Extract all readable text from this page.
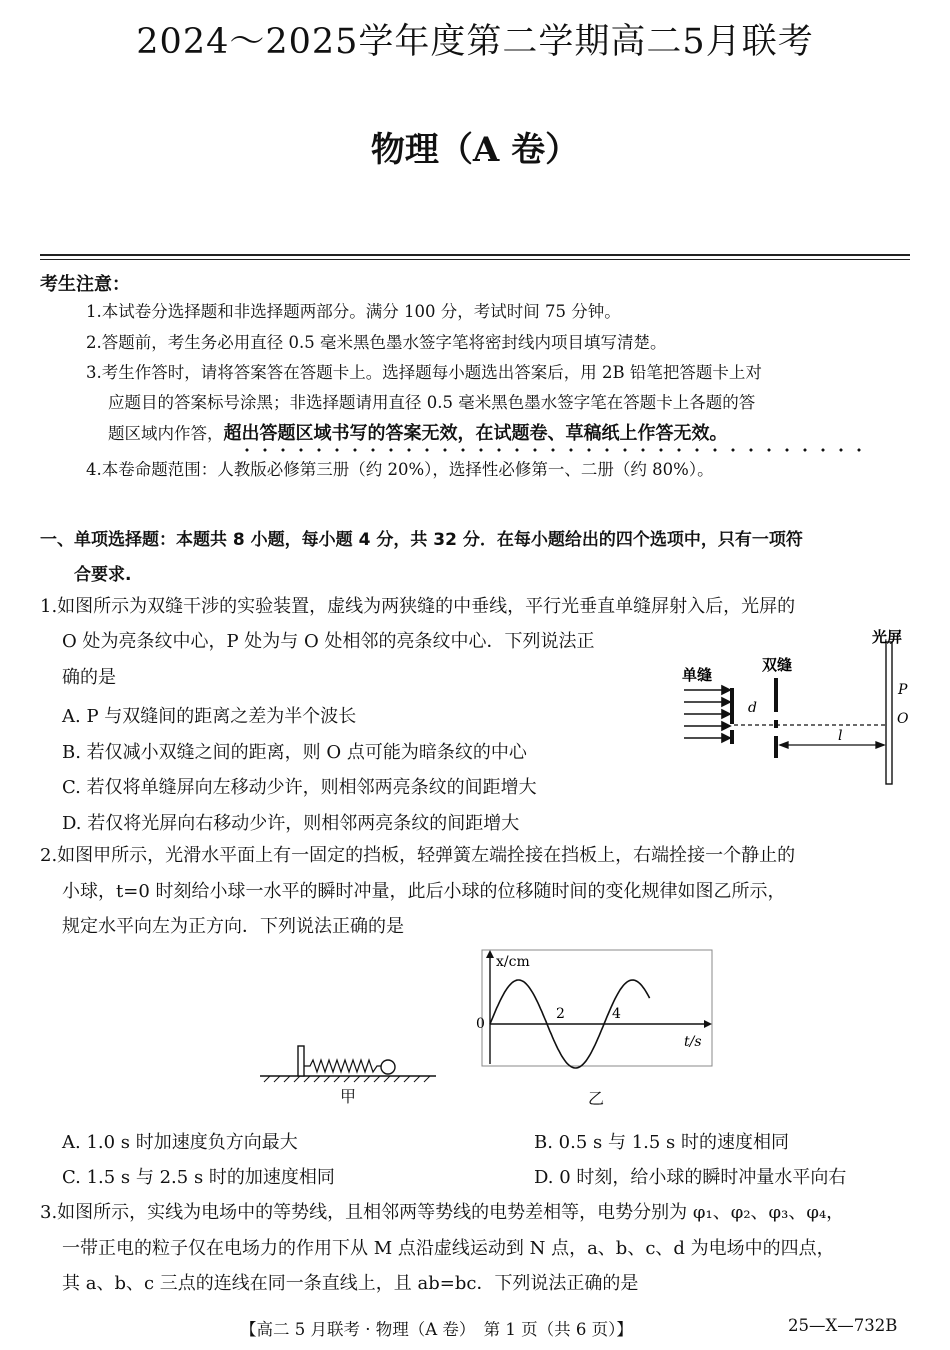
2024～2025学年度第二学期高二5月联考
物理（A 卷）
考生注意：
1.本试卷分选择题和非选择题两部分。满分 100 分，考试时间 75 分钟。
2.答题前，考生务必用直径 0.5 毫米黑色墨水签字笔将密封线内项目填写清楚。
3.考生作答时，请将答案答在答题卡上。选择题每小题选出答案后，用 2B 铅笔把答题卡上对
应题目的答案标号涂黑；非选择题请用直径 0.5 毫米黑色墨水签字笔在答题卡上各题的答
题区域内作答，超出答题区域书写的答案无效，在试题卷、草稿纸上作答无效。
4.本卷命题范围：人教版必修第三册（约 20%），选择性必修第一、二册（约 80%）。
一、单项选择题：本题共 8 小题，每小题 4 分，共 32 分．在每小题给出的四个选项中，只有一项符
合要求.
1.如图所示为双缝干涉的实验装置，虚线为两狭缝的中垂线，平行光垂直单缝屏射入后，光屏的
O 处为亮条纹中心，P 处为与 O 处相邻的亮条纹中心．下列说法正
确的是
A. P 与双缝间的距离之差为半个波长
B. 若仅减小双缝之间的距离，则 O 点可能为暗条纹的中心
C. 若仅将单缝屏向左移动少许，则相邻两亮条纹的间距增大
D. 若仅将光屏向右移动少许，则相邻两亮条纹的间距增大
单缝
双缝
光屏
d
l
P
O
2.如图甲所示，光滑水平面上有一固定的挡板，轻弹簧左端拴接在挡板上，右端拴接一个静止的
小球，t=0 时刻给小球一水平的瞬时冲量，此后小球的位移随时间的变化规律如图乙所示，
规定水平向左为正方向．下列说法正确的是
甲
x/cm
t/s
0
2	4
乙
A. 1.0 s 时加速度负方向最大	B. 0.5 s 与 1.5 s 时的速度相同
C. 1.5 s 与 2.5 s 时的加速度相同	D. 0 时刻，给小球的瞬时冲量水平向右
3.如图所示，实线为电场中的等势线，且相邻两等势线的电势差相等，电势分别为 φ₁、φ₂、φ₃、φ₄，
一带正电的粒子仅在电场力的作用下从 M 点沿虚线运动到 N 点，a、b、c、d 为电场中的四点，
其 a、b、c 三点的连线在同一条直线上，且 ab=bc．下列说法正确的是
【高二 5 月联考 · 物理（A 卷）　第 1 页（共 6 页）】	25—X—732B
